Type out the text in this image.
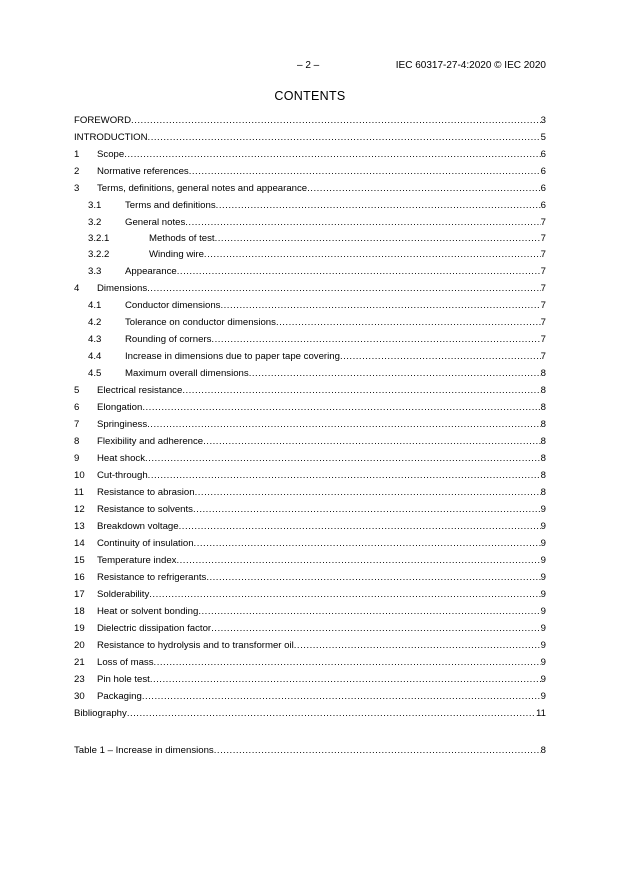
– 2 –	IEC 60317-27-4:2020 © IEC 2020
CONTENTS
FOREWORD .....	3
INTRODUCTION .....	5
1	Scope .....	6
2	Normative references .....	6
3	Terms, definitions, general notes and appearance .....	6
3.1	Terms and definitions .....	6
3.2	General notes .....	7
3.2.1	Methods of test .....	7
3.2.2	Winding wire .....	7
3.3	Appearance .....	7
4	Dimensions .....	7
4.1	Conductor dimensions .....	7
4.2	Tolerance on conductor dimensions .....	7
4.3	Rounding of corners .....	7
4.4	Increase in dimensions due to paper tape covering .....	7
4.5	Maximum overall dimensions .....	8
5	Electrical resistance .....	8
6	Elongation .....	8
7	Springiness .....	8
8	Flexibility and adherence .....	8
9	Heat shock .....	8
10	Cut-through .....	8
11	Resistance to abrasion .....	8
12	Resistance to solvents .....	9
13	Breakdown voltage .....	9
14	Continuity of insulation .....	9
15	Temperature index .....	9
16	Resistance to refrigerants .....	9
17	Solderability .....	9
18	Heat or solvent bonding .....	9
19	Dielectric dissipation factor .....	9
20	Resistance to hydrolysis and to transformer oil .....	9
21	Loss of mass .....	9
23	Pin hole test .....	9
30	Packaging .....	9
Bibliography .....	11
Table 1 – Increase in dimensions .....	8
